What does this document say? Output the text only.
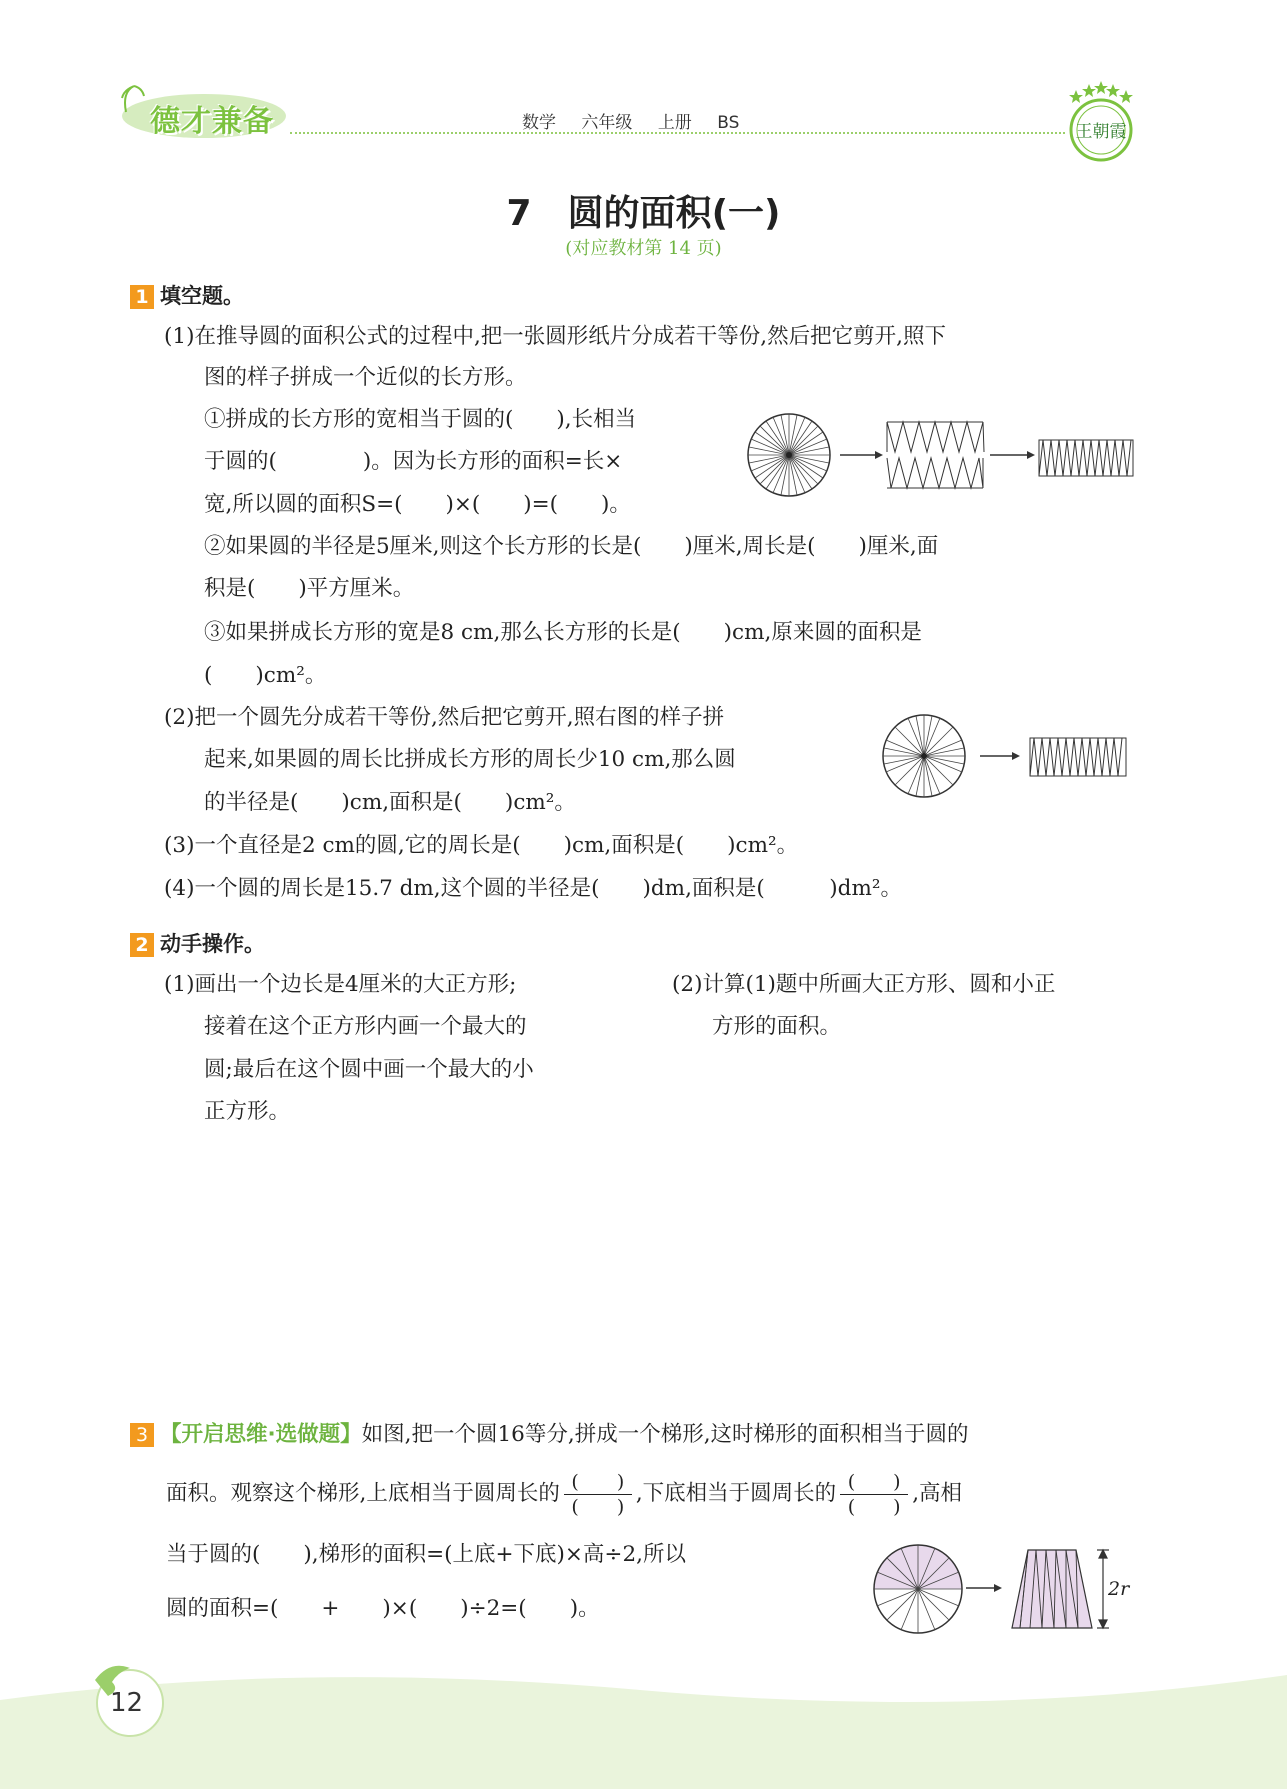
德才兼备	数学 六年级 上册 BS	王朝霞
7　圆的面积(一)
(对应教材第 14 页)
1 填空题。
(1)在推导圆的面积公式的过程中,把一张圆形纸片分成若干等份,然后把它剪开,照下
图的样子拼成一个近似的长方形。
①拼成的长方形的宽相当于圆的(　　),长相当
于圆的(　　　　)。因为长方形的面积=长×
宽,所以圆的面积S=(　　)×(　　)=(　　)。
②如果圆的半径是5厘米,则这个长方形的长是(　　)厘米,周长是(　　)厘米,面
积是(　　)平方厘米。
③如果拼成长方形的宽是8 cm,那么长方形的长是(　　)cm,原来圆的面积是
(　　)cm²。
(2)把一个圆先分成若干等份,然后把它剪开,照右图的样子拼
起来,如果圆的周长比拼成长方形的周长少10 cm,那么圆
的半径是(　　)cm,面积是(　　)cm²。
(3)一个直径是2 cm的圆,它的周长是(　　)cm,面积是(　　)cm²。
(4)一个圆的周长是15.7 dm,这个圆的半径是(　　)dm,面积是(　　　)dm²。
2 动手操作。
(1)画出一个边长是4厘米的大正方形;
接着在这个正方形内画一个最大的
圆;最后在这个圆中画一个最大的小
正方形。
(2)计算(1)题中所画大正方形、圆和小正
方形的面积。
3 【开启思维·选做题】如图,把一个圆16等分,拼成一个梯形,这时梯形的面积相当于圆的
面积。观察这个梯形,上底相当于圆周长的 $\frac{( )}{( )}$ ,下底相当于圆周长的 $\frac{( )}{( )}$ ,高相
当于圆的(　　),梯形的面积=(上底+下底)×高÷2,所以
圆的面积=(　　+　　)×(　　)÷2=(　　)。
2r
12
